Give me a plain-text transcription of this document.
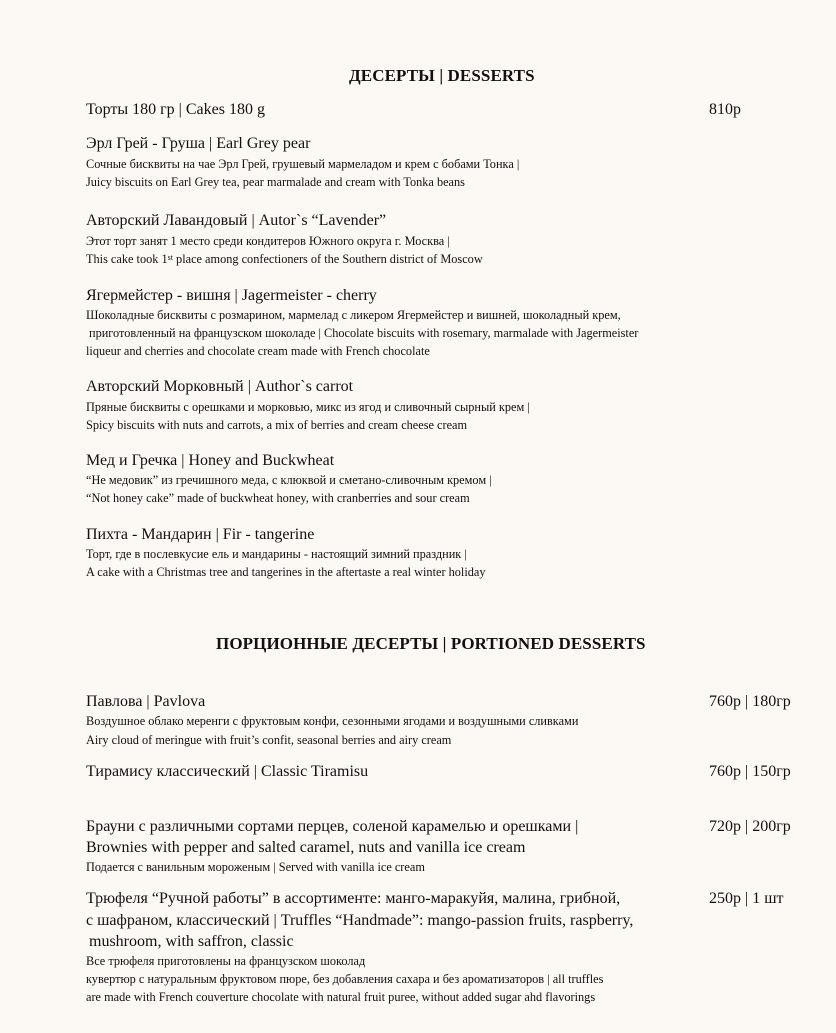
ДЕСЕРТЫ | DESSERTS
Торты 180 гр | Cakes 180 g	810р
Эрл Грей - Груша | Earl Grey pear
Сочные бисквиты на чае Эрл Грей, грушевый мармеладом и крем с бобами Тонка |
Juicy biscuits on Earl Grey tea, pear marmalade and cream with Tonka beans
Авторский Лавандовый | Autor`s “Lavender”
Этот торт занят 1 место среди кондитеров Южного округа г. Москва |
This cake took 1st place among confectioners of the Southern district of Moscow
Ягермейстер - вишня | Jagermeister - cherry
Шоколадные бисквиты с розмарином, мармелад с ликером Ягермейстер и вишней, шоколадный крем,
приготовленный на французском шоколаде | Chocolate biscuits with rosemary, marmalade with Jagermeister
liqueur and cherries and chocolate cream made with French chocolate
Авторский Морковный | Author`s carrot
Пряные бисквиты с орешками и морковью, микс из ягод и сливочный сырный крем |
Spicy biscuits with nuts and carrots, a mix of berries and cream cheese cream
Мед и Гречка | Honey and Buckwheat
“Не медовик” из гречишного меда, с клюквой и сметано-сливочным кремом |
“Not honey cake” made of buckwheat honey, with cranberries and sour cream
Пихта - Мандарин | Fir - tangerine
Торт, где в послевкусие ель и мандарины - настоящий зимний праздник |
A cake with a Christmas tree and tangerines in the aftertaste a real winter holiday
ПОРЦИОННЫЕ ДЕСЕРТЫ | PORTIONED DESSERTS
Павлова | Pavlova	760р | 180гр
Воздушное облако меренги с фруктовым конфи, сезонными ягодами и воздушными сливками
Airy cloud of meringue with fruit’s confit, seasonal berries and airy cream
Тирамису классический | Classic Tiramisu	760р | 150гр
Брауни с различными сортами перцев, соленой карамелью и орешками |	720р | 200гр
Brownies with pepper and salted caramel, nuts and vanilla ice cream
Подается с ванильным мороженым | Served with vanilla ice cream
Трюфеля “Ручной работы” в ассортименте: манго-маракуйя, малина, грибной,	250р | 1 шт
с шафраном, классический | Truffles “Handmade”: mango-passion fruits, raspberry,
mushroom, with saffron, classic
Все трюфеля приготовлены на французском шоколад
кувертюр с натуральным фруктовом пюре, без добавления сахара и без ароматизаторов | all truffles
are made with French couverture chocolate with natural fruit puree, without added sugar ahd flavorings
